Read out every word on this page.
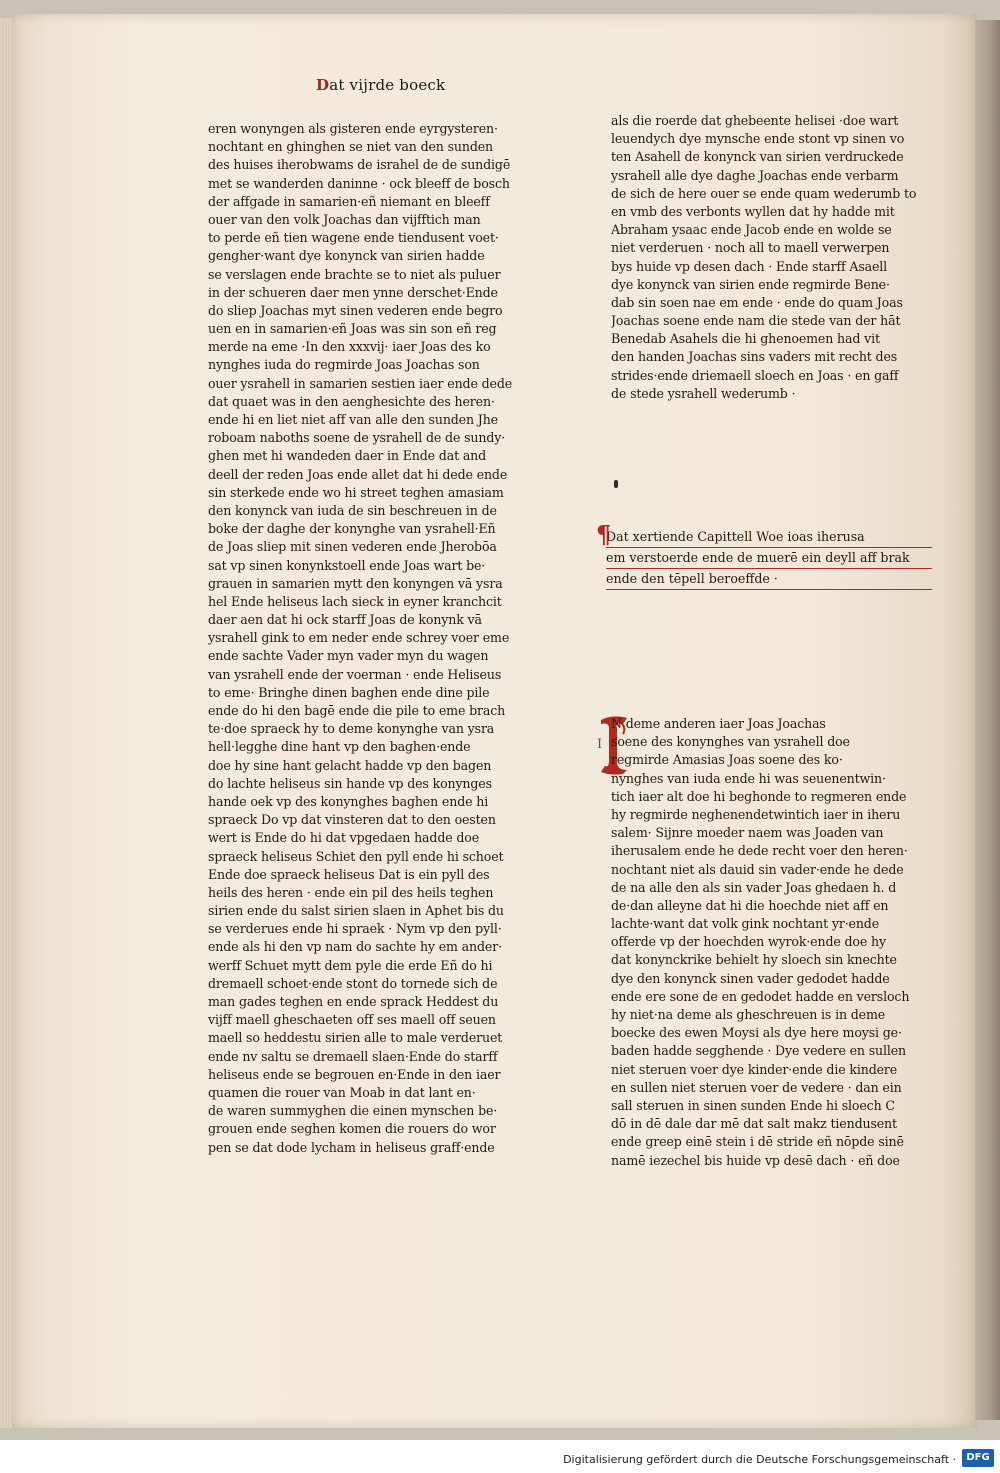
Dat vijrde boeck
eren wonyngen als gisteren ende eyrgysteren·
nochtant en ghinghen se niet van den sunden
des huises iherobwams de israhel de de sundigē
met se wanderden daninne · ock bleeff de bosch
der affgade in samarien·eñ niemant en bleeff
ouer van den volk Joachas dan vijfftich man
to perde eñ tien wagene ende tiendusent voet·
gengher·want dye konynck van sirien hadde
se verslagen ende brachte se to niet als puluer
in der schueren daer men ynne derschet·Ende
do sliep Joachas myt sinen vederen ende begro
uen en in samarien·eñ Joas was sin son eñ reg
merde na eme ·In den xxxvij· iaer Joas des ko
nynghes iuda do regmirde Joas Joachas son
ouer ysrahell in samarien sestien iaer ende dede
dat quaet was in den aenghesichte des heren·
ende hi en liet niet aff van alle den sunden Jhe
roboam naboths soene de ysrahell de de sundy·
ghen met hi wandeden daer in Ende dat and
deell der reden Joas ende allet dat hi dede ende
sin sterkede ende wo hi street teghen amasiam
den konynck van iuda de sin beschreuen in de
boke der daghe der konynghe van ysrahell·Eñ
de Joas sliep mit sinen vederen ende Jherobōa
sat vp sinen konynkstoell ende Joas wart be·
grauen in samarien mytt den konyngen vā ysra
hel Ende heliseus lach sieck in eyner kranchcit
daer aen dat hi ock starff Joas de konynk vā
ysrahell gink to em neder ende schrey voer eme
ende sachte Vader myn vader myn du wagen
van ysrahell ende der voerman · ende Heliseus
to eme· Bringhe dinen baghen ende dine pile
ende do hi den bagē ende die pile to eme brach
te·doe spraeck hy to deme konynghe van ysra
hell·legghe dine hant vp den baghen·ende
doe hy sine hant gelacht hadde vp den bagen
do lachte heliseus sin hande vp des konynges
hande oek vp des konynghes baghen ende hi
spraeck Do vp dat vinsteren dat to den oesten
wert is Ende do hi dat vpgedaen hadde doe
spraeck heliseus Schiet den pyll ende hi schoet
Ende doe spraeck heliseus Dat is ein pyll des
heils des heren · ende ein pil des heils teghen
sirien ende du salst sirien slaen in Aphet bis du
se verderues ende hi spraek · Nym vp den pyll·
ende als hi den vp nam do sachte hy em ander·
werff Schuet mytt dem pyle die erde Eñ do hi
dremaell schoet·ende stont do tornede sich de
man gades teghen en ende sprack Heddest du
vijff maell gheschaeten off ses maell off seuen
maell so heddestu sirien alle to male verderuet
ende nv saltu se dremaell slaen·Ende do starff
heliseus ende se begrouen en·Ende in den iaer
quamen die rouer van Moab in dat lant en·
de waren summyghen die einen mynschen be·
grouen ende seghen komen die rouers do wor
pen se dat dode lycham in heliseus graff·ende
als die roerde dat ghebeente helisei ·doe wart
leuendych dye mynsche ende stont vp sinen vo
ten Asahell de konynck van sirien verdruckede
ysrahell alle dye daghe Joachas ende verbarm
de sich de here ouer se ende quam wederumb to
en vmb des verbonts wyllen dat hy hadde mit
Abraham ysaac ende Jacob ende en wolde se
niet verderuen · noch all to maell verwerpen
bys huide vp desen dach · Ende starff Asaell
dye konynck van sirien ende regmirde Bene·
dab sin soen nae em ende · ende do quam Joas
Joachas soene ende nam die stede van der hāt
Benedab Asahels die hi ghenoemen had vit
den handen Joachas sins vaders mit recht des
strides·ende driemaell sloech en Joas · en gaff
de stede ysrahell wederumb ·
¶
Dat xertiende Capittell Woe ioas iherusa
em verstoerde ende de muerē ein deyll aff brak
ende den tēpell beroeffde ·
I
N deme anderen iaer Joas Joachas
soene des konynghes van ysrahell doe
regmirde Amasias Joas soene des ko·
nynghes van iuda ende hi was seuenentwin·
tich iaer alt doe hi beghonde to regmeren ende
hy regmirde neghenendetwintich iaer in iheru
salem· Sijnre moeder naem was Joaden van
iherusalem ende he dede recht voer den heren·
nochtant niet als dauid sin vader·ende he dede
de na alle den als sin vader Joas ghedaen h. d
de·dan alleyne dat hi die hoechde niet aff en
lachte·want dat volk gink nochtant yr·ende
offerde vp der hoechden wyrok·ende doe hy
dat konynckrike behielt hy sloech sin knechte
dye den konynck sinen vader gedodet hadde
ende ere sone de en gedodet hadde en versloch
hy niet·na deme als gheschreuen is in deme
boecke des ewen Moysi als dye here moysi ge·
baden hadde segghende · Dye vedere en sullen
niet steruen voer dye kinder·ende die kindere
en sullen niet steruen voer de vedere · dan ein
sall steruen in sinen sunden Ende hi sloech C
dō in dē dale dar mē dat salt makz tiendusent
ende greep einē stein i dē stride eñ nōpde sinē
namē iezechel bis huide vp desē dach · eñ doe
Digitalisierung gefördert durch die Deutsche Forschungsgemeinschaft ·	DFG
